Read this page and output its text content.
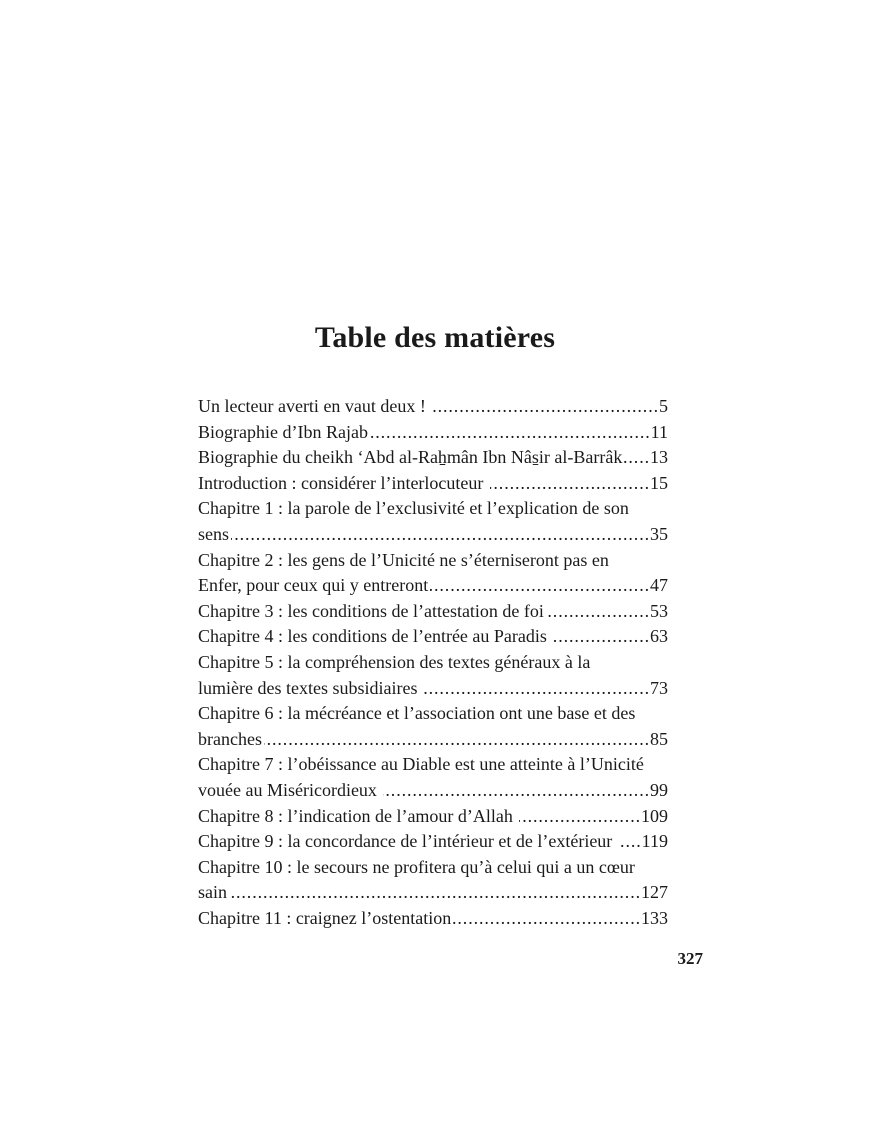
Table des matières
Un lecteur averti en vaut deux ! .....	5
Biographie d’Ibn Rajab .....	11
Biographie du cheikh ‘Abd al-Raẖmân Ibn Nâs̱ir al-Barrâk ..... 13
Introduction : considérer l’interlocuteur .....	15
Chapitre 1 : la parole de l’exclusivité et l’explication de son
sens .....	35
Chapitre 2 : les gens de l’Unicité ne s’éterniseront pas en
Enfer, pour ceux qui y entreront .....	47
Chapitre 3 : les conditions de l’attestation de foi .....	53
Chapitre 4 : les conditions de l’entrée au Paradis .....	63
Chapitre 5 : la compréhension des textes généraux à la
lumière des textes subsidiaires .....	73
Chapitre 6 : la mécréance et l’association ont une base et des
branches .....	85
Chapitre 7 : l’obéissance au Diable est une atteinte à l’Unicité
vouée au Miséricordieux .....	99
Chapitre 8 : l’indication de l’amour d’Allah .....	109
Chapitre 9 : la concordance de l’intérieur et de l’extérieur ..... 119
Chapitre 10 : le secours ne profitera qu’à celui qui a un cœur
sain .....	127
Chapitre 11 : craignez l’ostentation .....	133
327
